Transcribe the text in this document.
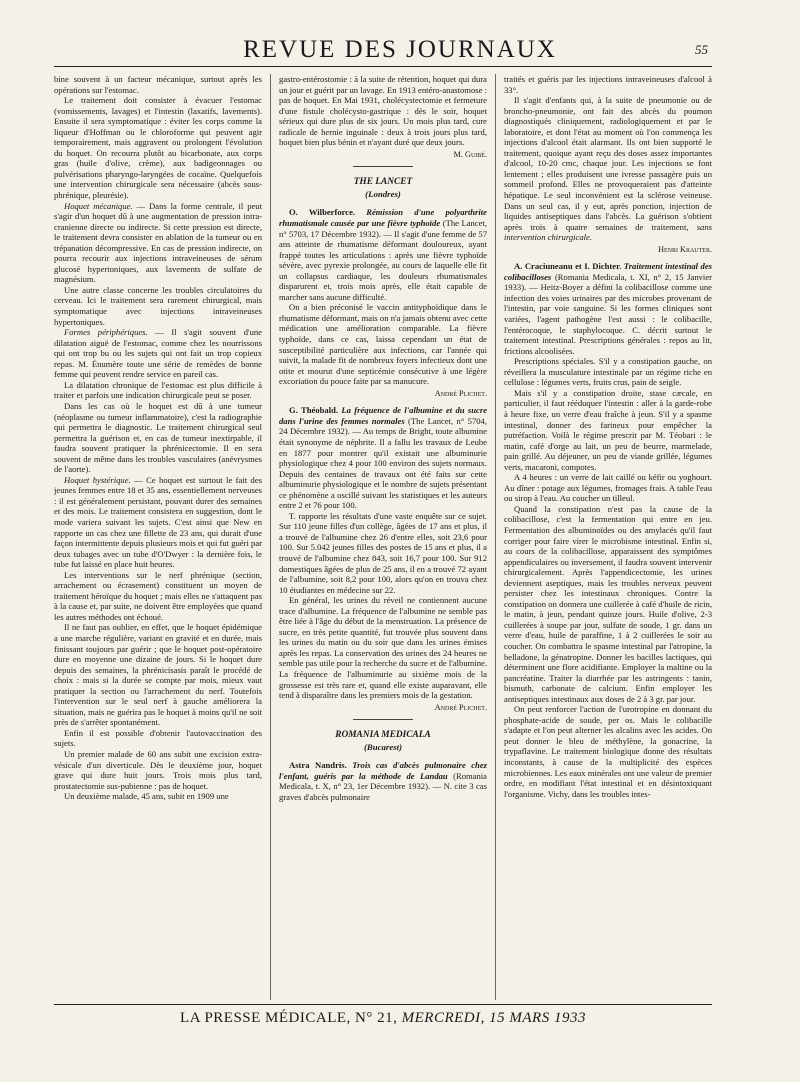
REVUE DES JOURNAUX	55

bine souvent à un facteur mécanique, surtout après les opérations sur l'estomac.

Le traitement doit consister à évacuer l'estomac (vomissements, lavages) et l'intestin (laxatifs, lavements). Ensuite il sera symptomatique : éviter les corps comme la liqueur d'Hoffman ou le chloroforme qui peuvent agir temporairement, mais aggravent ou prolongent l'évolution du hoquet. On recourra plutôt au bicarbonate, aux corps gras (huile d'olive, crème), aux badigeonnages ou pulvérisations pharyngo-laryngées de cocaïne. Quelquefois une intervention chirurgicale sera nécessaire (abcès sous-phrénique, pleurésie).

Hoquet mécanique. — Dans la forme centrale, il peut s'agir d'un hoquet dû à une augmentation de pression intra-cranienne directe ou indirecte. Si cette pression est directe, le traitement devra consister en ablation de la tumeur ou en trépanation décompressive. En cas de pression indirecte, on pourra recourir aux injections intraveineuses de sérum glucosé hypertoniques, aux lavements de sulfate de magnésium.

Une autre classe concerne les troubles circulatoires du cerveau. Ici le traitement sera rarement chirurgical, mais symptomatique avec injections intraveineuses hypertoniques.

Formes périphériques. — Il s'agit souvent d'une dilatation aiguë de l'estomac, comme chez les nourrissons qui ont trop bu ou les sujets qui ont fait un trop copieux repas. M. Énumère toute une série de remèdes de bonne femme qui peuvent rendre service en pareil cas.

La dilatation chronique de l'estomac est plus difficile à traiter et parfois une indication chirurgicale peut se poser.

Dans les cas où le hoquet est dû à une tumeur (néoplasme ou tumeur inflammatoire), c'est la radiographie qui permettra le diagnostic. Le traitement chirurgical seul permettra la guérison et, en cas de tumeur inextirpable, il faudra souvent pratiquer la phrénicectomie. Il en sera souvent de même dans les troubles vasculaires (anévrysmes de l'aorte).

Hoquet hystérique. — Ce hoquet est surtout le fait des jeunes femmes entre 18 et 35 ans, essentiellement nerveuses : il est généralement persistant, pouvant durer des semaines et des mois. Le traitement consistera en suggestion, dont le mode variera suivant les sujets. C'est ainsi que New en rapporte un cas chez une fillette de 23 ans, qui durait d'une façon intermittente depuis plusieurs mois et qui fut guéri par deux tubages avec un tube d'O'Dwyer : la dernière fois, le tube fut laissé en place huit heures.

Les interventions sur le nerf phrénique (section, arrachement ou écrasement) constituent un moyen de traitement héroïque du hoquet ; mais elles ne s'attaquent pas à la cause et, par suite, ne doivent être employées que quand les autres méthodes ont échoué.

Il ne faut pas oublier, en effet, que le hoquet épidémique a une marche régulière, variant en gravité et en durée, mais finissant toujours par guérir ; que le hoquet post-opératoire dure en moyenne une dizaine de jours. Si le hoquet dure depuis des semaines, la phrénicisasis paraît le procédé de choix : mais si la durée se compte par mois, mieux vaut pratiquer la section ou l'arrachement du nerf. Toutefois l'intervention sur le seul nerf à gauche améliorera la situation, mais ne guérira pas le hoquet à moins qu'il ne soit près de s'arrêter spontanément.

Enfin il est possible d'obtenir l'autovaccination des sujets.

Un premier malade de 60 ans subit une excision extra-vésicale d'un diverticule. Dès le deuxième jour, hoquet grave qui dure huit jours. Trois mois plus tard, prostatectomie sus-pubienne : pas de hoquet.

Un deuxième malade, 45 ans, subit en 1909 une

gastro-entérostomie : à la suite de rétention, hoquet qui dura un jour et guérit par un lavage. En 1913 entéro-anastomose : pas de hoquet. En Mai 1931, cholécystectomie et fermeture d'une fistule cholécysto-gastrique : dès le soir, hoquet sérieux qui dure plus de six jours. Un mois plus tard, cure radicale de hernie inguinale : deux à trois jours plus tard, hoquet bien plus bénin et n'ayant duré que deux jours.

M. Guibé.

THE LANCET

(Londres)

O. Wilberforce. Rémission d'une polyarthrite rhumatismale causée par une fièvre typhoïde (The Lancet, n° 5703, 17 Décembre 1932). — Il s'agit d'une femme de 57 ans atteinte de rhumatisme déformant douloureux, ayant frappé toutes les articulations : après une fièvre typhoïde sévère, avec pyrexie prolongée, au cours de laquelle elle fit un collapsus cardiaque, les douleurs rhumatismales disparurent et, trois mois après, elle était capable de marcher sans aucune difficulté.

On a bien préconisé le vaccin antityphoïdique dans le rhumatisme déformant, mais on n'a jamais obtenu avec cette médication une amélioration comparable. La fièvre typhoïde, dans ce cas, laissa cependant un état de susceptibilité particulière aux infections, car l'année qui suivit, la malade fit de nombreux foyers infectieux dont une otite et mourut d'une septicémie consécutive à une légère excoriation du pouce faite par sa manucure.

André Plichet.

G. Théobald. La fréquence de l'albumine et du sucre dans l'urine des femmes normales (The Lancet, n° 5704, 24 Décembre 1932). — Au temps de Bright, toute albumine était synonyme de néphrite. Il a fallu les travaux de Leube en 1877 pour montrer qu'il existait une albuminurie physiologique chez 4 pour 100 environ des sujets normaux. Depuis des centaines de travaux ont été faits sur cette albuminurie physiologique et le nombre de sujets présentant ce phénomène a oscillé suivant les statistiques et les auteurs entre 2 et 76 pour 100.

T. rapporte les résultats d'une vaste enquête sur ce sujet. Sur 110 jeune filles d'un collège, âgées de 17 ans et plus, il a trouvé de l'albumine chez 26 d'entre elles, soit 23,6 pour 100. Sur 5.042 jeunes filles des postes de 15 ans et plus, il a trouvé de l'albumine chez 843, soit 16,7 pour 100. Sur 912 domestiques âgées de plus de 25 ans, il en a trouvé 72 ayant de l'albumine, soit 8,2 pour 100, alors qu'on en trouva chez 10 étudiantes en médecine sur 22.

En général, les urines du réveil ne contiennent aucune trace d'albumine. La fréquence de l'albumine ne semble pas être liée à l'âge du début de la menstruation. La présence de sucre, en très petite quantité, fut trouvée plus souvent dans les urines du matin ou du soir que dans les urines émises après les repas. La conservation des urines des 24 heures ne semble pas utile pour la recherche du sucre et de l'albumine. La fréquence de l'albuminurie au sixième mois de la grossesse est très rare et, quand elle existe auparavant, elle tend à disparaître dans les premiers mois de la gestation.

André Plichet.

ROMANIA MEDICALA

(Bucarest)

Astra Nandris. Trois cas d'abcès pulmonaire chez l'enfant, guéris par la méthode de Landau (Romania Medicala, t. X, n° 23, 1er Décembre 1932). — N. cite 3 cas graves d'abcès pulmonaire

traités et guéris par les injections intraveineuses d'alcool à 33°.

Il s'agit d'enfants qui, à la suite de pneumonie ou de broncho-pneumonie, ont fait des abcès du poumon diagnostiqués cliniquement, radiologiquement et par le laboratoire, et dont l'état au moment où l'on commença les injections d'alcool était alarmant. Ils ont bien supporté le traitement, quoique ayant reçu des doses assez importantes d'alcool, 10-20 cmc, chaque jour. Les injections se font lentement ; elles produisent une ivresse passagère puis un sommeil profond. Elles ne provoqueraient pas d'atteinte hépatique. Le seul inconvénient est la sclérose veineuse. Dans un seul cas, il y eut, après ponction, injection de liquides antiseptiques dans l'abcès. La guérison s'obtient après trois à quatre semaines de traitement, sans intervention chirurgicale.

Henri Krauter.

A. Craciuneanu et I. Dichter. Traitement intestinal des colibacilloses (Romania Medicala, t. XI, n° 2, 15 Janvier 1933). — Heitz-Boyer a défini la colibacillose comme une infection des voies urinaires par des microbes provenant de l'intestin, par voie sanguine. Si les formes cliniques sont variées, l'agent pathogène l'est aussi : le colibacille, l'entérocoque, le staphylocoque. C. décrit surtout le traitement intestinal. Prescriptions générales : repos au lit, frictions alcoolisées.

Prescriptions spéciales. S'il y a constipation gauche, on réveillera la musculature intestinale par un régime riche en cellulose : légumes verts, fruits crus, pain de seigle.

Mais s'il y a constipation droite, stase cæcale, en particulier, il faut rééduquer l'intestin : aller à la garde-robe à heure fixe, un verre d'eau fraîche à jeun. S'il y a spasme intestinal, donner des farineux pour empêcher la putréfaction. Voilà le régime prescrit par M. Téobari : le matin, café d'orge au lait, un peu de beurre, marmelade, pain grillé. Au déjeuner, un peu de viande grillée, légumes verts, macaroni, compotes.

A 4 heures : un verre de lait caillé ou kéfir ou yoghourt. Au dîner : potage aux légumes, fromages frais. A table l'eau ou sirop à l'eau. Au coucher un tilleul.

Quand la constipation n'est pas la cause de la colibacillose, c'est la fermentation qui entre en jeu. Fermentation des albuminoïdes ou des amylacés qu'il faut corriger pour faire virer le microbisme intestinal. Enfin si, au cours de la colibacillose, apparaissent des symptômes appendiculaires ou inversement, il faudra souvent intervenir chirurgicalement. Après l'appendicectomie, les urines deviennent aseptiques, mais les troubles nerveux peuvent persister chez les intestinaux chroniques. Contre la constipation on donnera une cuillerée à café d'huile de ricin, le matin, à jeun, pendant quinze jours. Huile d'olive, 2-3 cuillerées à soupe par jour, sulfate de soude, 1 gr. dans un verre d'eau, huile de paraffine, 1 à 2 cuillerées le soir au coucher. On combattra le spasme intestinal par l'atropine, la belladone, la génatropine. Donner les bacilles lactiques, qui déterminent une flore acidifiante. Employer la maltine ou la pancréatine. Traiter la diarrhée par les astringents : tanin, bismuth, carbonate de calcium. Enfin employer les antiseptiques intestinaux aux doses de 2 à 3 gr. par jour.

On peut renforcer l'action de l'urotropine en donnant du phosphate-acide de soude, per os. Mais le colibacille s'adapte et l'on peut alterner les alcalins avec les acides. On peut donner le bleu de méthylène, la gonacrine, la trypaflavine. Le traitement biologique donne des résultats inconstants, à cause de la multiplicité des espèces microbiennes. Les eaux minérales ont une valeur de premier ordre, en modifiant l'état intestinal et en désintoxiquant l'organisme. Vichy, dans les troubles intes-

LA PRESSE MÉDICALE, N° 21, MERCREDI, 15 MARS 1933
